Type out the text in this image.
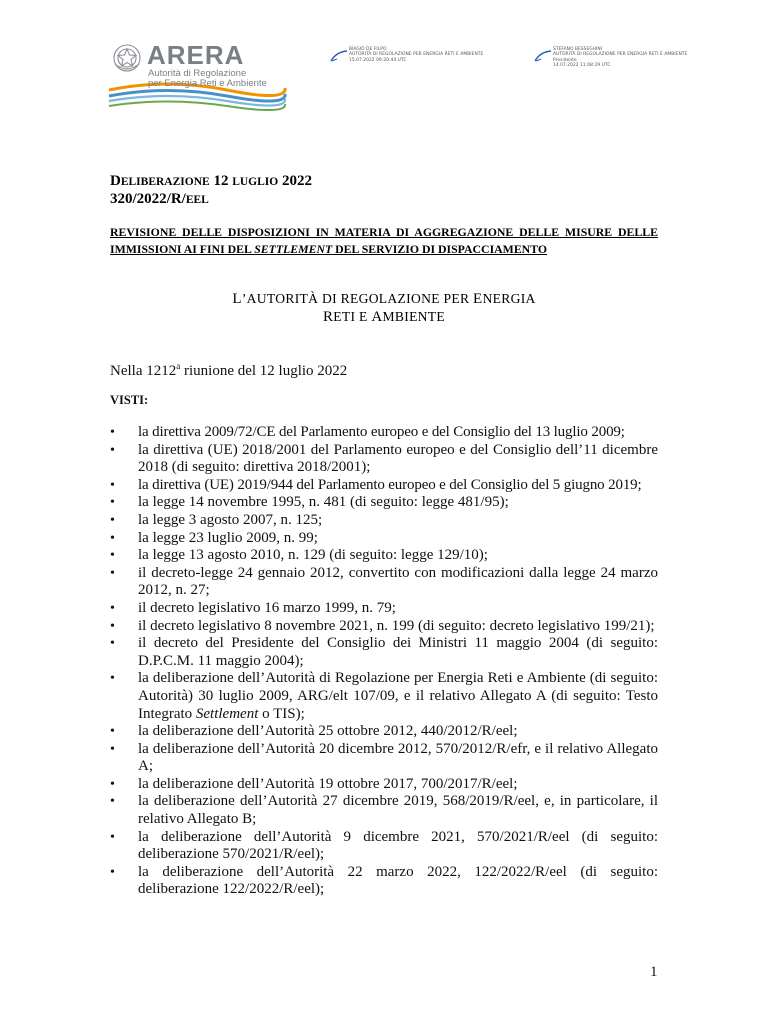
ARERA
Autorità di Regolazione
per Energia Reti e Ambiente
BIAGIO DE FILPO
AUTORITÀ DI REGOLAZIONE PER ENERGIA RETI E AMBIENTE
15.07.2022 09:20:44 UTC
STEFANO BESSEGHINI
AUTORITÀ DI REGOLAZIONE PER ENERGIA RETI E AMBIENTE
Presidente
14.07.2022 11:08:29 UTC
DELIBERAZIONE 12 LUGLIO 2022
320/2022/R/EEL
REVISIONE DELLE DISPOSIZIONI IN MATERIA DI AGGREGAZIONE DELLE MISURE DELLE
IMMISSIONI AI FINI DEL SETTLEMENT DEL SERVIZIO DI DISPACCIAMENTO
L’AUTORITÀ DI REGOLAZIONE PER ENERGIA
RETI E AMBIENTE
Nella 1212$^a$ riunione del 12 luglio 2022
VISTI:
• la direttiva 2009/72/CE del Parlamento europeo e del Consiglio del 13 luglio 2009;
• la direttiva (UE) 2018/2001 del Parlamento europeo e del Consiglio dell’11 dicembre 2018 (di seguito: direttiva 2018/2001);
• la direttiva (UE) 2019/944 del Parlamento europeo e del Consiglio del 5 giugno 2019;
• la legge 14 novembre 1995, n. 481 (di seguito: legge 481/95);
• la legge 3 agosto 2007, n. 125;
• la legge 23 luglio 2009, n. 99;
• la legge 13 agosto 2010, n. 129 (di seguito: legge 129/10);
• il decreto-legge 24 gennaio 2012, convertito con modificazioni dalla legge 24 marzo 2012, n. 27;
• il decreto legislativo 16 marzo 1999, n. 79;
• il decreto legislativo 8 novembre 2021, n. 199 (di seguito: decreto legislativo 199/21);
• il decreto del Presidente del Consiglio dei Ministri 11 maggio 2004 (di seguito: D.P.C.M. 11 maggio 2004);
• la deliberazione dell’Autorità di Regolazione per Energia Reti e Ambiente (di seguito: Autorità) 30 luglio 2009, ARG/elt 107/09, e il relativo Allegato A (di seguito: Testo Integrato Settlement o TIS);
• la deliberazione dell’Autorità 25 ottobre 2012, 440/2012/R/eel;
• la deliberazione dell’Autorità 20 dicembre 2012, 570/2012/R/efr, e il relativo Allegato A;
• la deliberazione dell’Autorità 19 ottobre 2017, 700/2017/R/eel;
• la deliberazione dell’Autorità 27 dicembre 2019, 568/2019/R/eel, e, in particolare, il relativo Allegato B;
• la deliberazione dell’Autorità 9 dicembre 2021, 570/2021/R/eel (di seguito: deliberazione 570/2021/R/eel);
• la deliberazione dell’Autorità 22 marzo 2022, 122/2022/R/eel (di seguito: deliberazione 122/2022/R/eel);
1
